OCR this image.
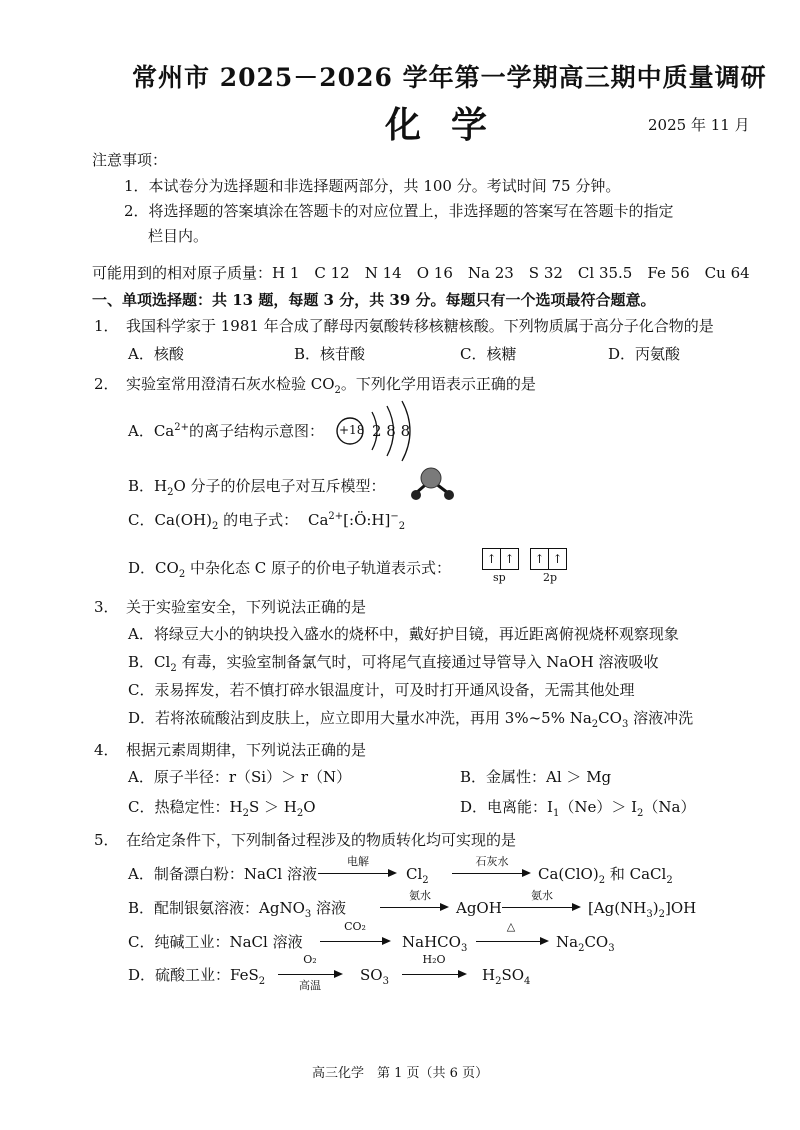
常州市 2025－2026 学年第一学期高三期中质量调研
化学	2025 年 11 月
注意事项：
1．本试卷分为选择题和非选择题两部分，共 100 分。考试时间 75 分钟。
2．将选择题的答案填涂在答题卡的对应位置上，非选择题的答案写在答题卡的指定
栏目内。
可能用到的相对原子质量：H 1　C 12　N 14　O 16　Na 23　S 32　Cl 35.5　Fe 56　Cu 64
一、单项选择题：共 13 题，每题 3 分，共 39 分。每题只有一个选项最符合题意。
1． 我国科学家于 1981 年合成了酵母丙氨酸转移核糖核酸。下列物质属于高分子化合物的是
A．核酸	B．核苷酸	C．核糖	D．丙氨酸
2． 实验室常用澄清石灰水检验 $CO_2$。下列化学用语表示正确的是
A．$Ca^{2+}$的离子结构示意图： +18 2 8 8
B．$H_2O$ 分子的价层电子对互斥模型：
C．$Ca(OH)_2$ 的电子式： $Ca^{2+}[:Ö:H]^-_2$
D．$CO_2$ 中杂化态 C 原子的价电子轨道表示式：	↑ ↑	↑ ↑
sp	2p
3． 关于实验室安全，下列说法正确的是
A．将绿豆大小的钠块投入盛水的烧杯中，戴好护目镜，再近距离俯视烧杯观察现象
B．$Cl_2$ 有毒，实验室制备氯气时，可将尾气直接通过导管导入 NaOH 溶液吸收
C．汞易挥发，若不慎打碎水银温度计，可及时打开通风设备，无需其他处理
D．若将浓硫酸沾到皮肤上，应立即用大量水冲洗，再用 3%~5% $Na_2CO_3$ 溶液冲洗
4． 根据元素周期律，下列说法正确的是
A．原子半径：r（Si）＞ r（N）	B．金属性：Al ＞ Mg
C．热稳定性：$H_2S > H_2O$	D．电离能：$I_1(Ne)> I_2(Na)$
5． 在给定条件下，下列制备过程涉及的物质转化均可实现的是
A．制备漂白粉：NaCl 溶液
电解
$Cl_2$
石灰水
$Ca(ClO)_2$ 和 CaCl$_2$
B．配制银氨溶液：AgNO$_3$ 溶液
氨水
AgOH
氨水
$[Ag(NH_3)_2]OH$
C．纯碱工业：NaCl 溶液
CO₂
NaHCO$_3$
△
$Na_2CO_3$
D．硫酸工业：FeS$_2$
O₂
高温
$SO_3$
H₂O
$H_2SO_4$
高三化学　第 1 页（共 6 页）
